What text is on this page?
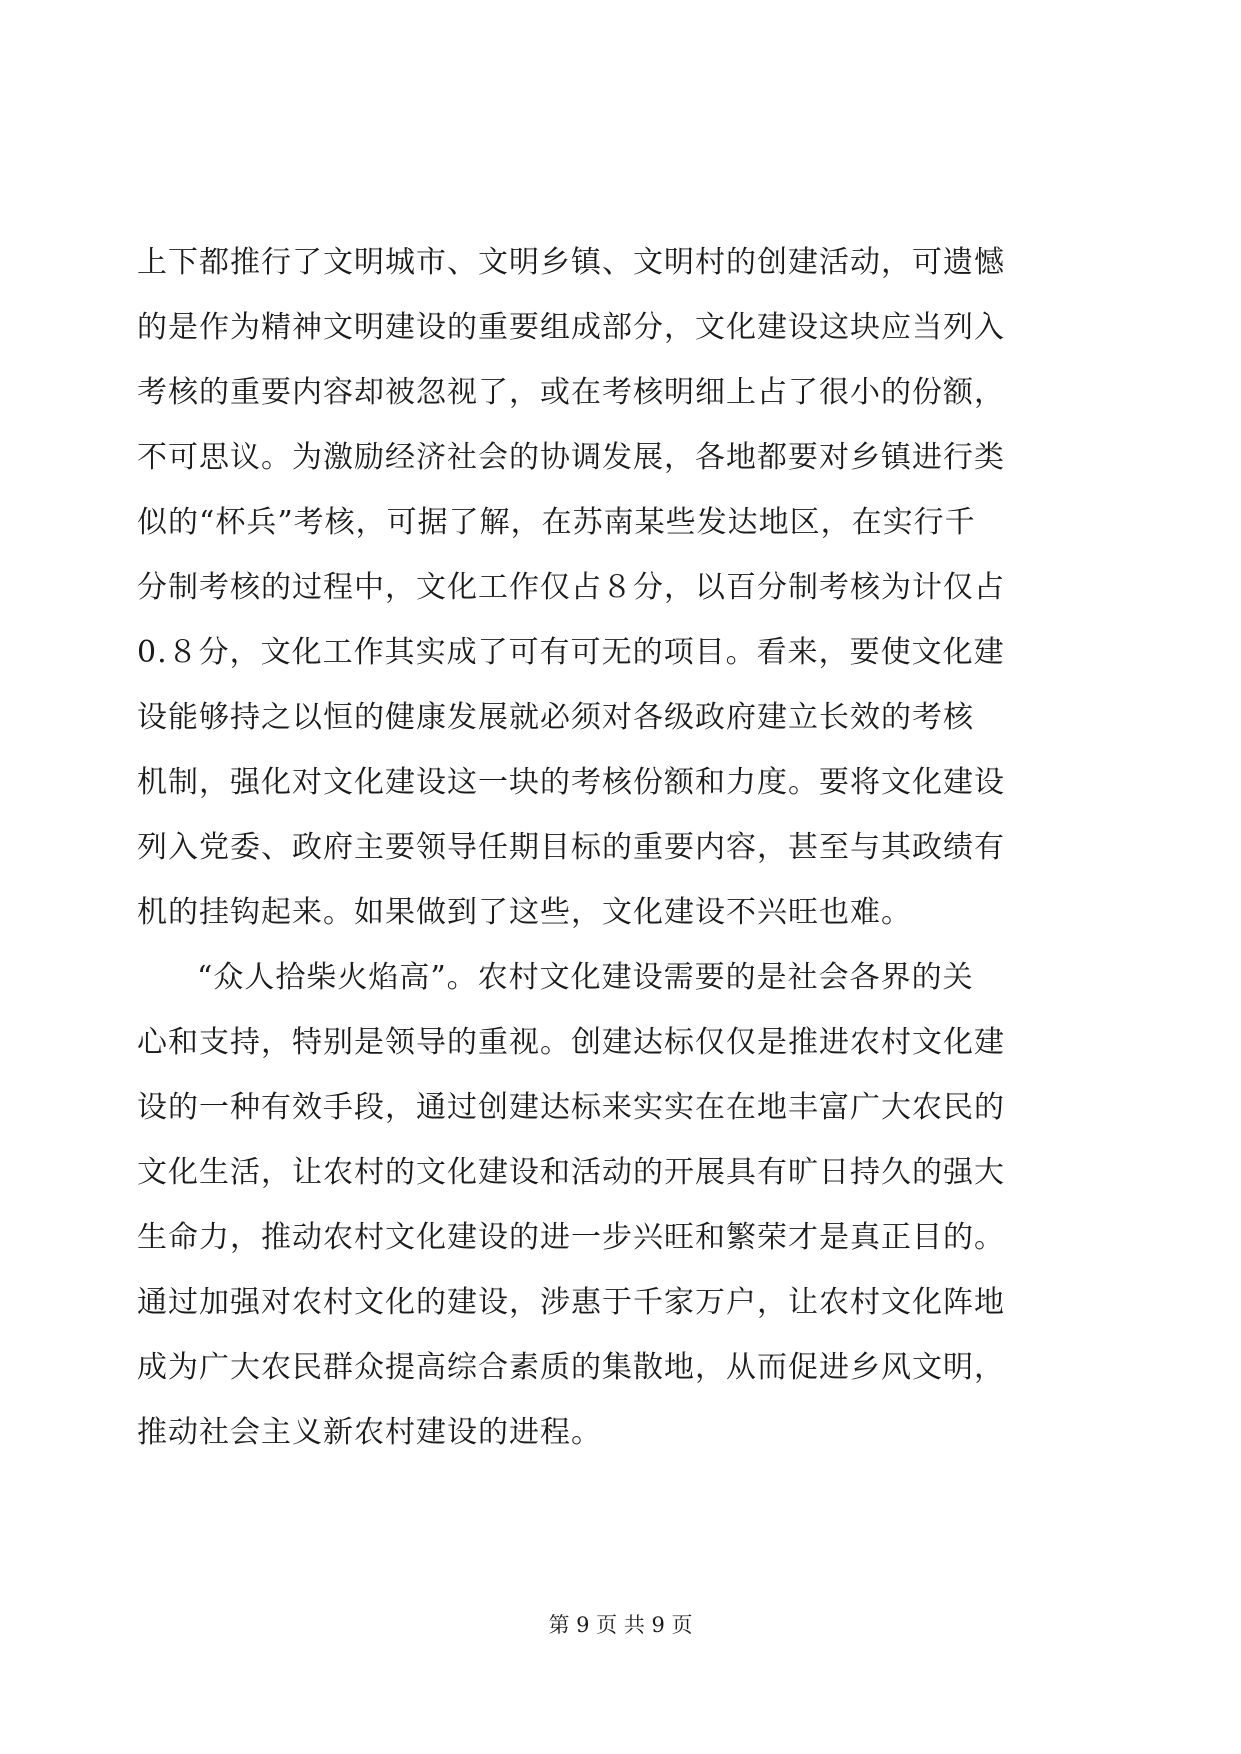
上下都推行了文明城市、文明乡镇、文明村的创建活动，可遗憾
的是作为精神文明建设的重要组成部分，文化建设这块应当列入
考核的重要内容却被忽视了，或在考核明细上占了很小的份额，
不可思议。为激励经济社会的协调发展，各地都要对乡镇进行类
似的“杯兵”考核，可据了解，在苏南某些发达地区，在实行千
分制考核的过程中，文化工作仅占８分，以百分制考核为计仅占
0.８分，文化工作其实成了可有可无的项目。看来，要使文化建
设能够持之以恒的健康发展就必须对各级政府建立长效的考核
机制，强化对文化建设这一块的考核份额和力度。要将文化建设
列入党委、政府主要领导任期目标的重要内容，甚至与其政绩有
机的挂钩起来。如果做到了这些，文化建设不兴旺也难。
“众人拾柴火焰高”。农村文化建设需要的是社会各界的关
心和支持，特别是领导的重视。创建达标仅仅是推进农村文化建
设的一种有效手段，通过创建达标来实实在在地丰富广大农民的
文化生活，让农村的文化建设和活动的开展具有旷日持久的强大
生命力，推动农村文化建设的进一步兴旺和繁荣才是真正目的。
通过加强对农村文化的建设，涉惠于千家万户，让农村文化阵地
成为广大农民群众提高综合素质的集散地，从而促进乡风文明，
推动社会主义新农村建设的进程。
第 9 页 共 9 页
